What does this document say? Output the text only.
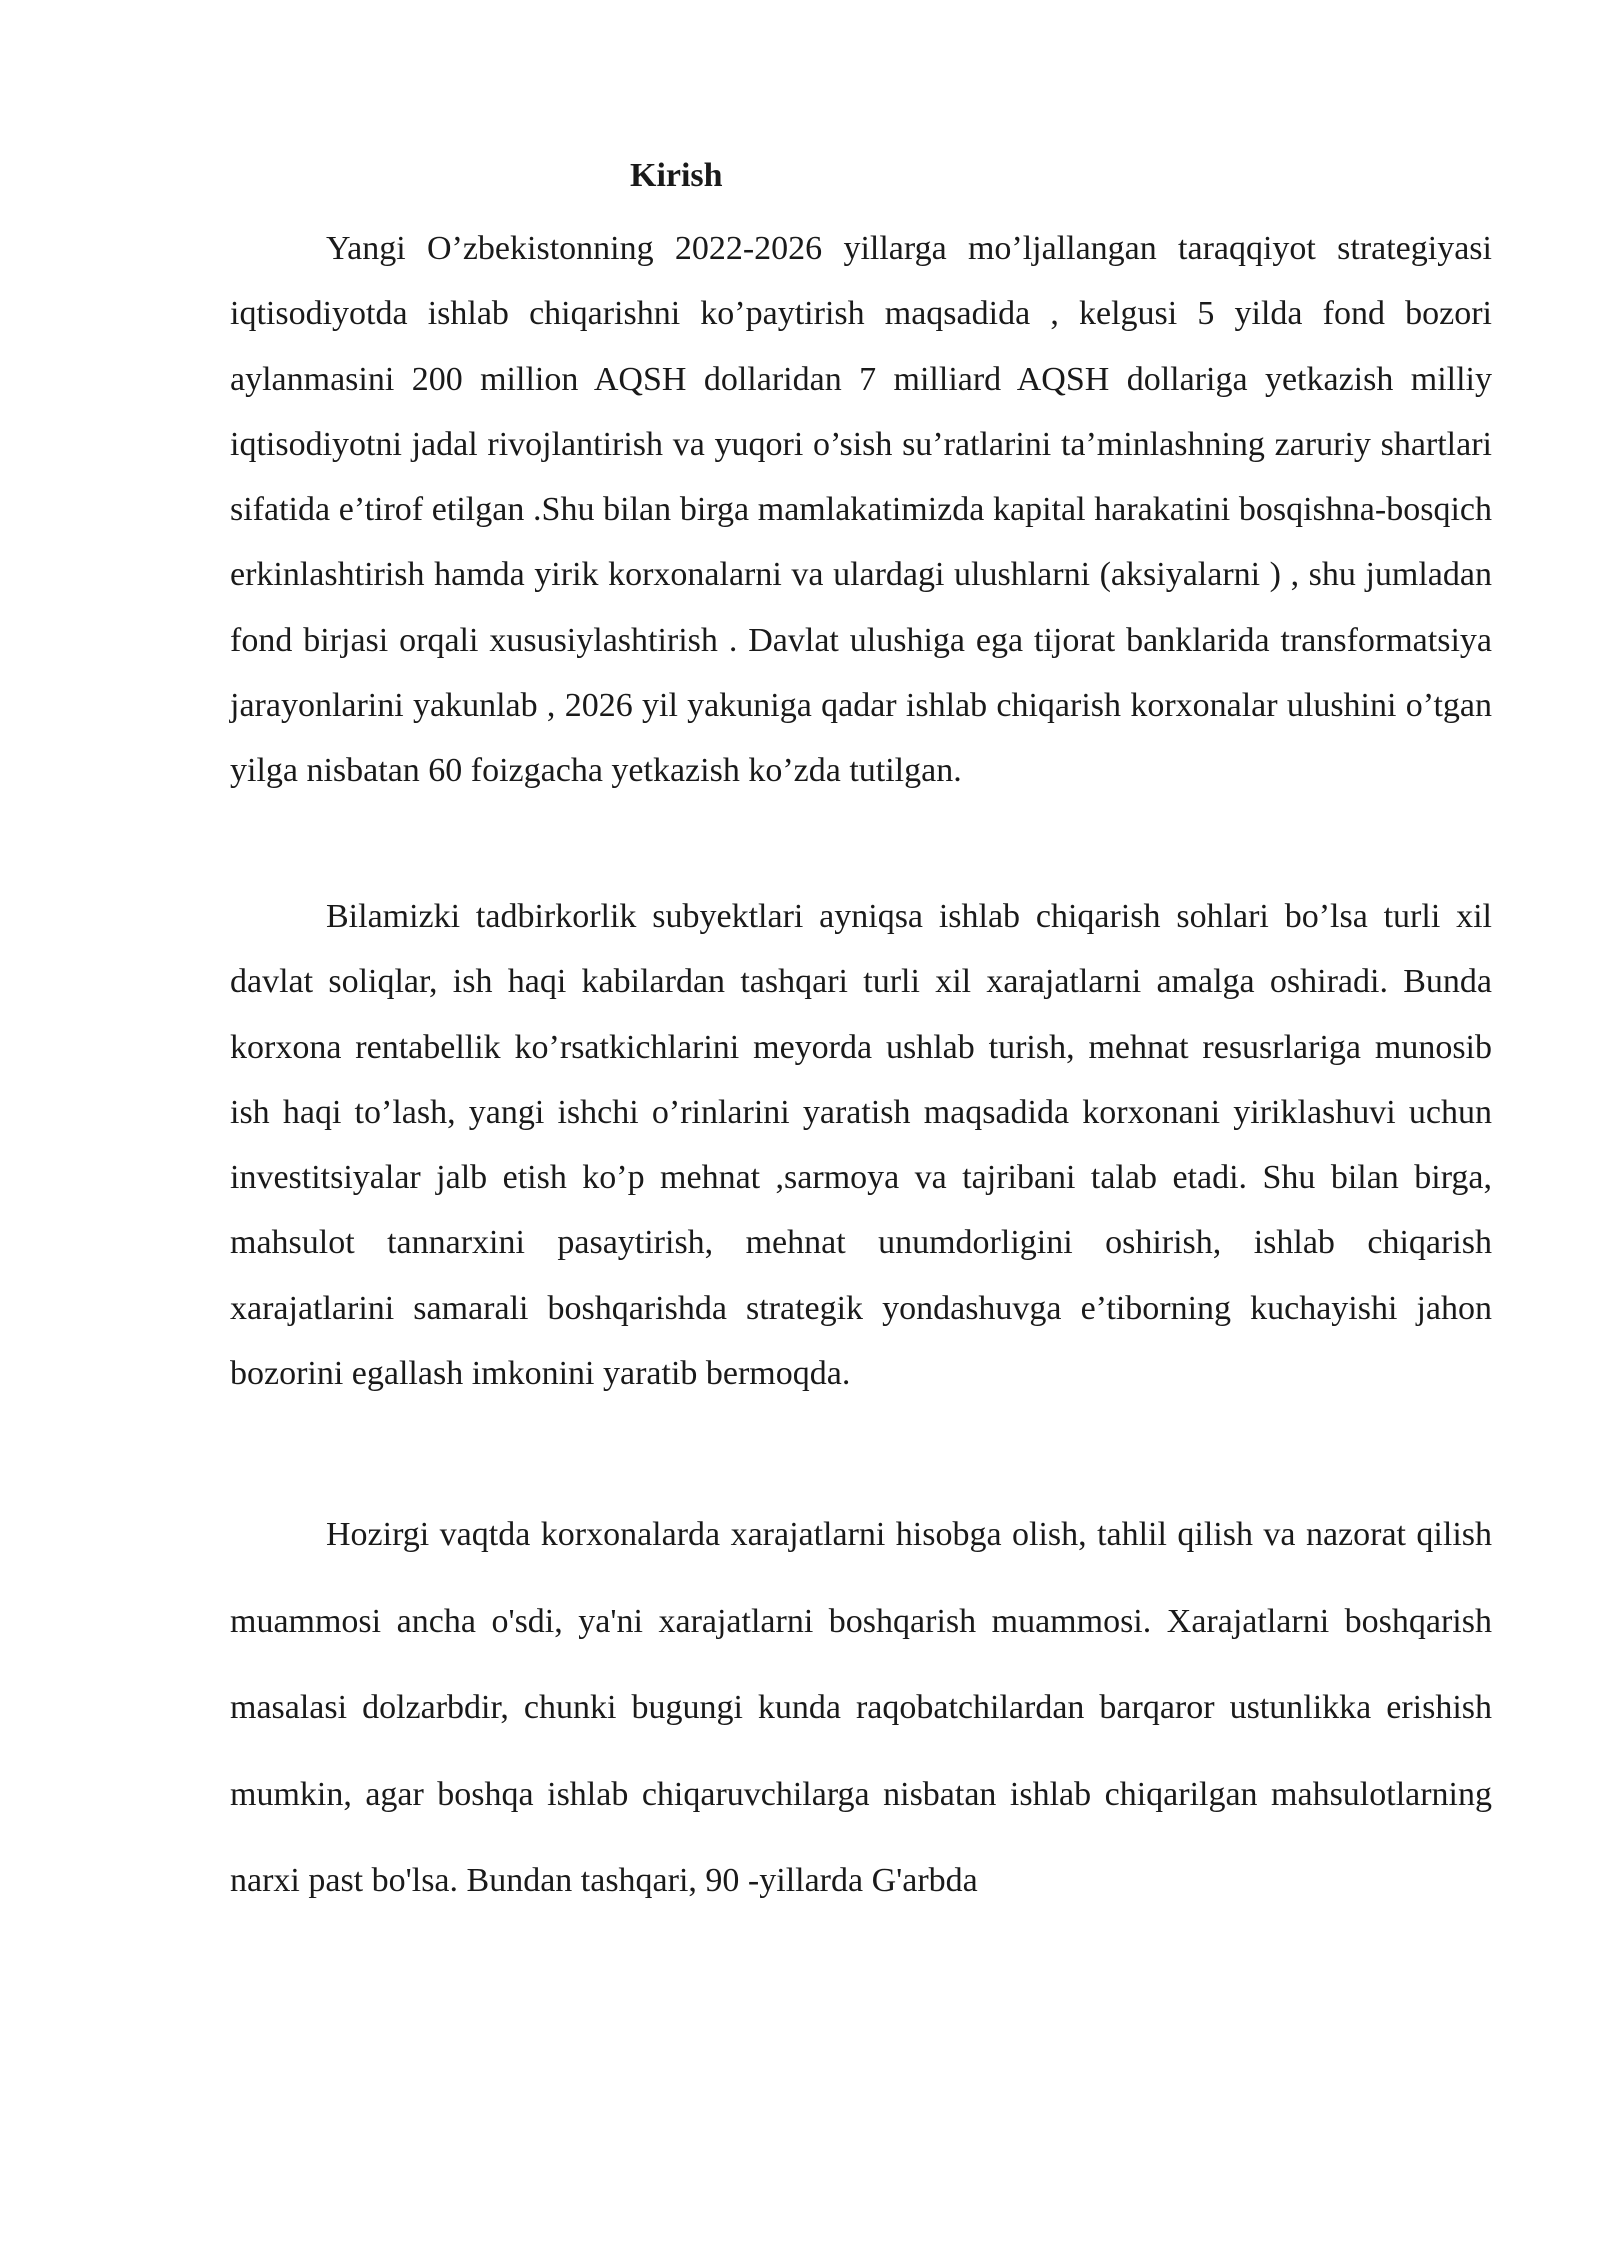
Kirish

Yangi O’zbekistonning 2022-2026 yillarga mo’ljallangan taraqqiyot strategiyasi iqtisodiyotda ishlab chiqarishni ko’paytirish maqsadida , kelgusi 5 yilda fond bozori aylanmasini 200 million AQSH dollaridan 7 milliard AQSH dollariga yetkazish milliy iqtisodiyotni jadal rivojlantirish va yuqori o’sish su’ratlarini ta’minlashning zaruriy shartlari sifatida e’tirof etilgan .Shu bilan birga mamlakatimizda kapital harakatini bosqishna-bosqich erkinlashtirish hamda yirik korxonalarni va ulardagi ulushlarni (aksiyalarni ) , shu jumladan fond birjasi orqali xususiylashtirish . Davlat ulushiga ega tijorat banklarida transformatsiya jarayonlarini yakunlab , 2026 yil yakuniga qadar ishlab chiqarish korxonalar ulushini o’tgan yilga nisbatan 60 foizgacha yetkazish ko’zda tutilgan.

Bilamizki tadbirkorlik subyektlari ayniqsa ishlab chiqarish sohlari bo’lsa turli xil davlat soliqlar, ish haqi kabilardan tashqari turli xil xarajatlarni amalga oshiradi. Bunda korxona rentabellik ko’rsatkichlarini meyorda ushlab turish, mehnat resusrlariga munosib ish haqi to’lash, yangi ishchi o’rinlarini yaratish maqsadida korxonani yiriklashuvi uchun investitsiyalar jalb etish ko’p mehnat ,sarmoya va tajribani talab etadi. Shu bilan birga, mahsulot tannarxini pasaytirish, mehnat unumdorligini oshirish, ishlab chiqarish xarajatlarini samarali boshqarishda strategik yondashuvga e’tiborning kuchayishi jahon bozorini egallash imkonini yaratib bermoqda.

Hozirgi vaqtda korxonalarda xarajatlarni hisobga olish, tahlil qilish va nazorat qilish muammosi ancha o'sdi, ya'ni xarajatlarni boshqarish muammosi. Xarajatlarni boshqarish masalasi dolzarbdir, chunki bugungi kunda raqobatchilardan barqaror ustunlikka erishish mumkin, agar boshqa ishlab chiqaruvchilarga nisbatan ishlab chiqarilgan mahsulotlarning narxi past bo'lsa. Bundan tashqari, 90 -yillarda G'arbda
